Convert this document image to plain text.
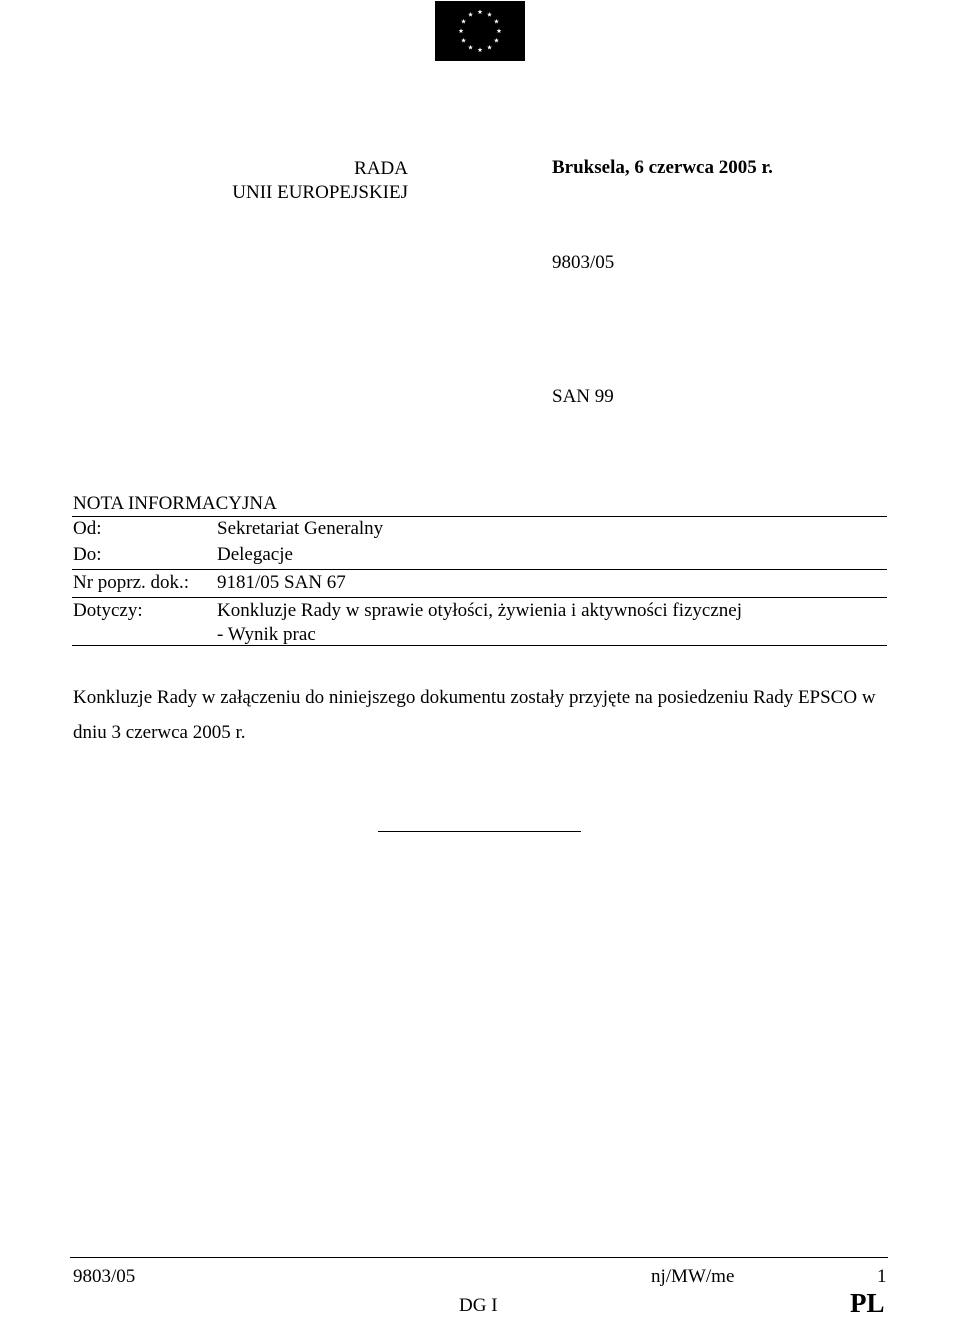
RADA
UNII EUROPEJSKIEJ
Bruksela, 6 czerwca 2005 r.
9803/05
SAN 99
NOTA INFORMACYJNA
Od:	Sekretariat Generalny
Do:	Delegacje
Nr poprz. dok.: 9181/05 SAN 67
Dotyczy:	Konkluzje Rady w sprawie otyłości, żywienia i aktywności fizycznej
- Wynik prac
Konkluzje Rady w załączeniu do niniejszego dokumentu zostały przyjęte na posiedzeniu Rady EPSCO w dniu 3 czerwca 2005 r.
9803/05	nj/MW/me	1
DG I	PL
